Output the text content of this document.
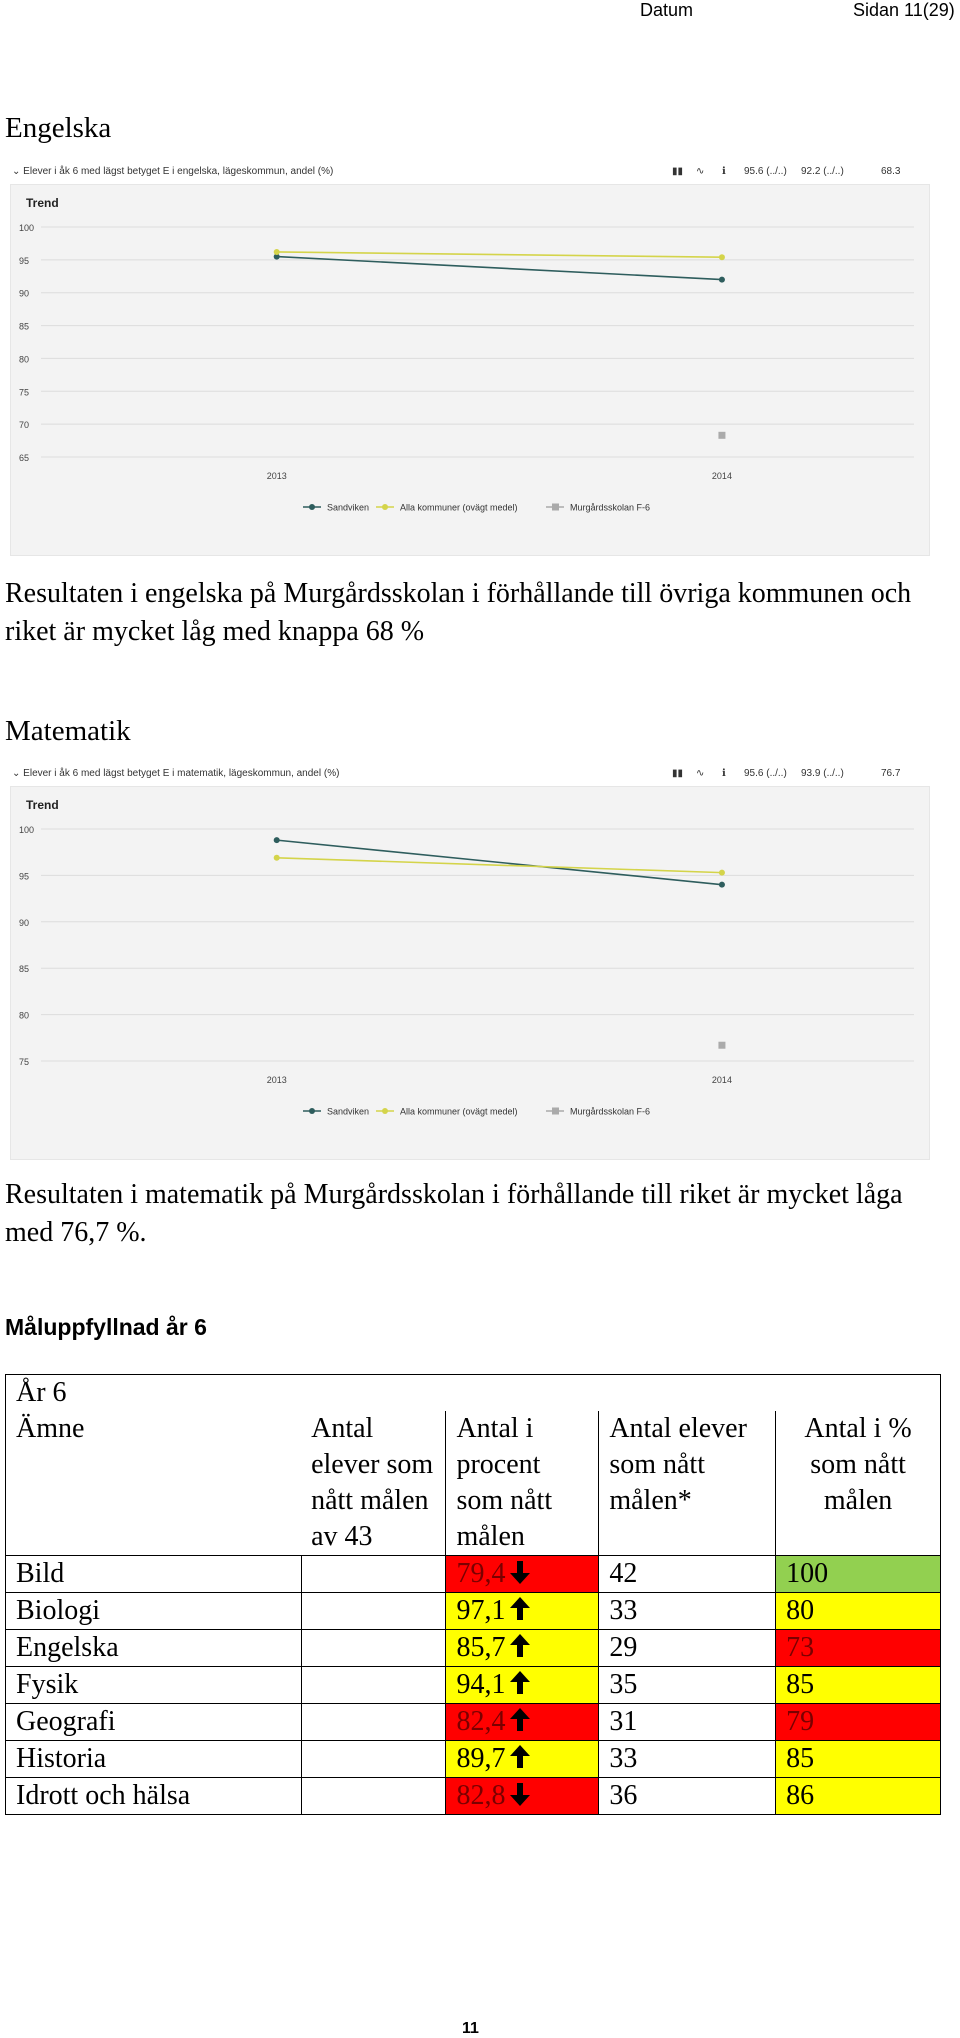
Datum	Sidan 11(29)
Engelska
⌄ Elever i åk 6 med lägst betyget E i engelska, lägeskommun, andel (%)	▮▮ ∿ ℹ 95.6 (../..) 92.2 (../..)	68.3
Trend
100
95
90
85
80
75
70
65
2013	2014
Sandviken	Alla kommuner (ovägt medel)	Murgårdsskolan F-6

Resultaten i engelska på Murgårdsskolan i förhållande till övriga kommunen och riket är mycket låg med knappa 68 %

Matematik
⌄ Elever i åk 6 med lägst betyget E i matematik, lägeskommun, andel (%)	▮▮ ∿ ℹ 95.6 (../..) 93.9 (../..)	76.7
Trend
100
95
90
85
80
75
2013	2014
Sandviken	Alla kommuner (ovägt medel)	Murgårdsskolan F-6

Resultaten i matematik på Murgårdsskolan i förhållande till riket är mycket låga med 76,7 %.

Måluppfyllnad år 6
År 6				
Ämne	Antal elever som nått målen av 43	Antal i procent som nått målen	Antal elever som nått målen*	Antal i % som nått målen
Bild		79,4	42	100
Biologi		97,1	33	80
Engelska		85,7	29	73
Fysik		94,1	35	85
Geografi		82,4	31	79
Historia		89,7	33	85
Idrott och hälsa		82,8	36	86
11
